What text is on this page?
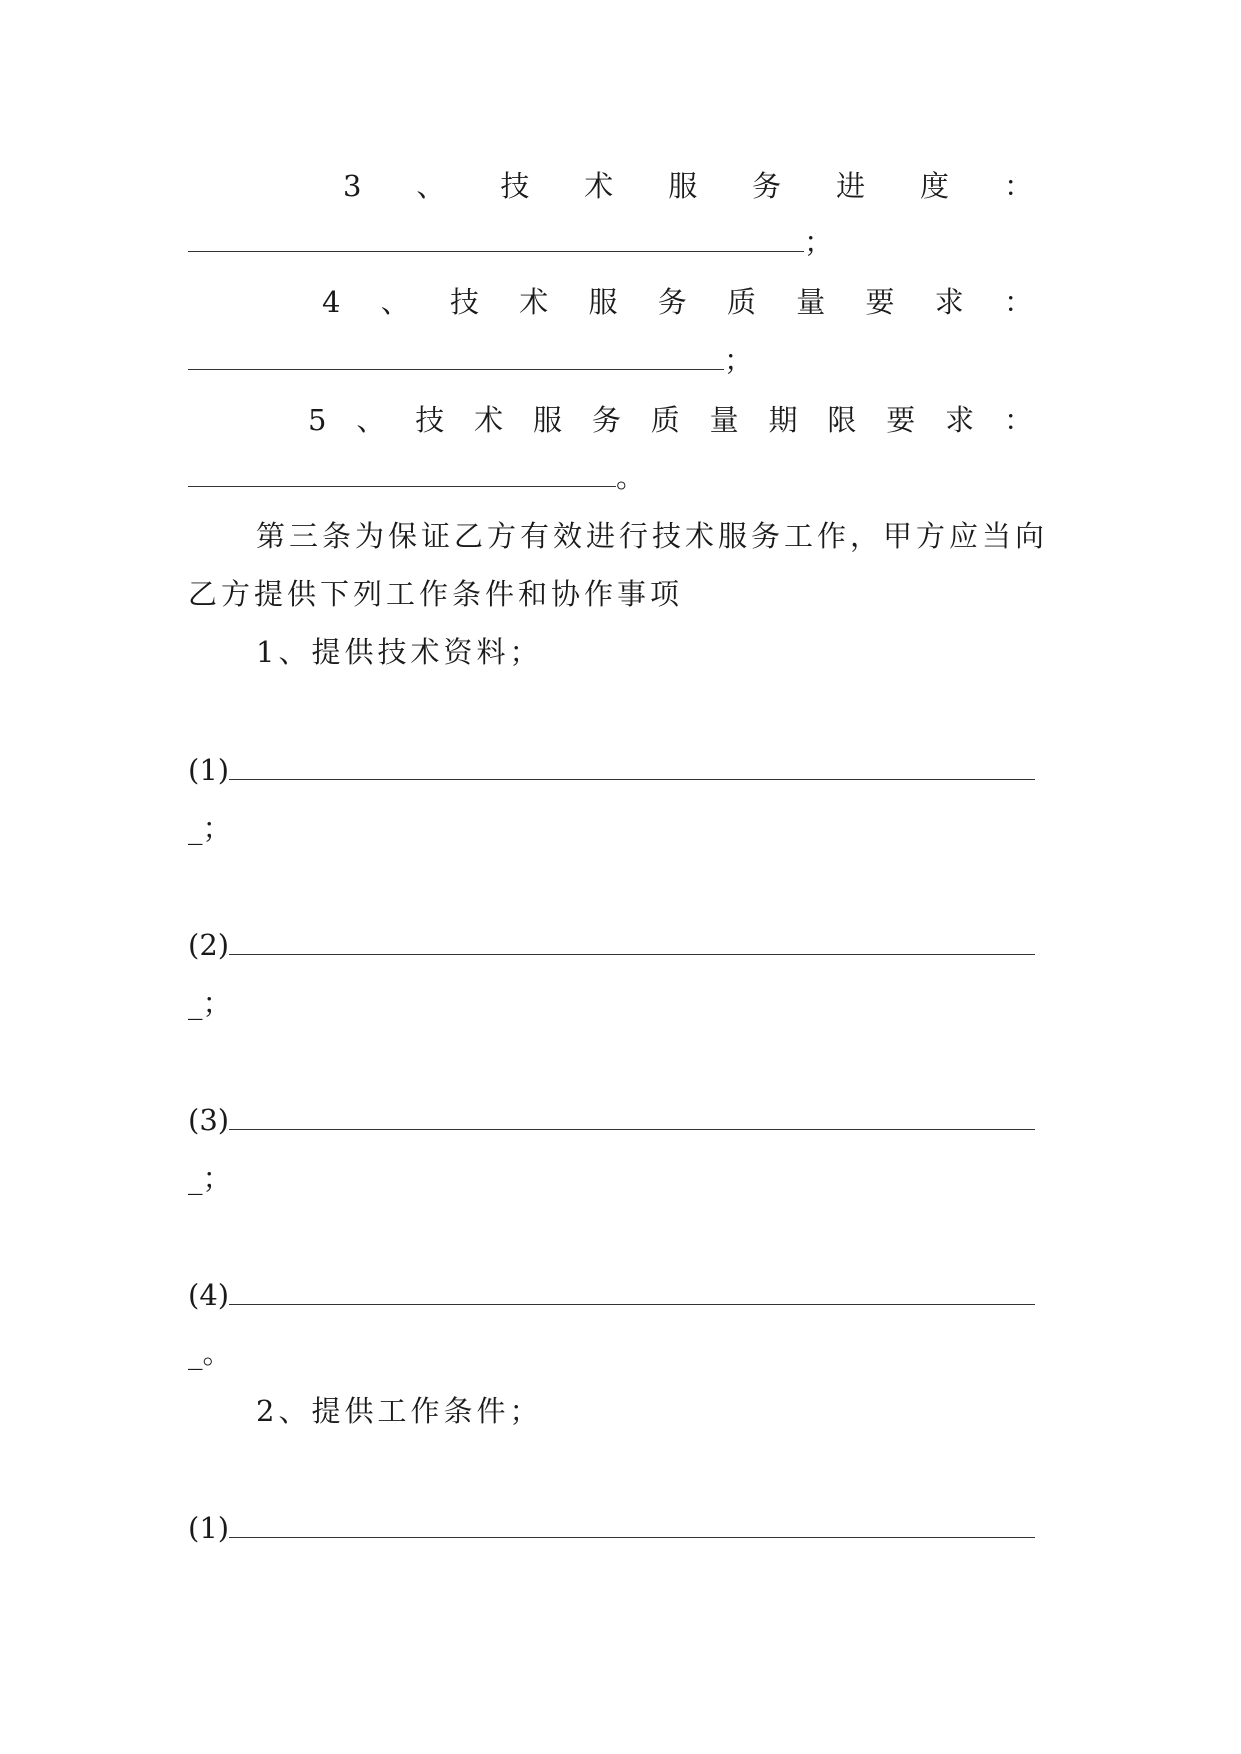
3 、 技 术 服 务 进 度 ：
；
4 、 技 术 服 务 质 量 要 求 ：
；
5 、 技 术 服 务 质 量 期 限 要 求 ：
。
第三条为保证乙方有效进行技术服务工作，甲方应当向
乙方提供下列工作条件和协作事项
1、提供技术资料；
(1)
_；
(2)
_；
(3)
_；
(4)
_。
2、提供工作条件；
(1)
